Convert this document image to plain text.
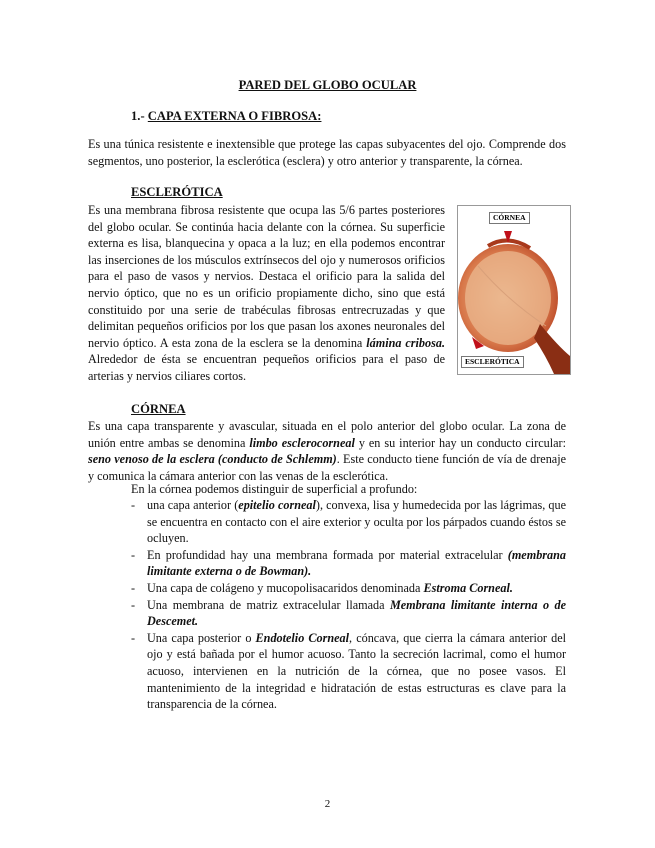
PARED DEL GLOBO OCULAR
1.- CAPA EXTERNA O FIBROSA:
Es una túnica resistente e inextensible que protege las capas subyacentes del ojo. Comprende dos segmentos, uno posterior, la esclerótica (esclera) y otro anterior y transparente, la córnea.
ESCLERÓTICA
Es una membrana fibrosa resistente que ocupa las 5/6 partes posteriores del globo ocular. Se continúa hacia delante con la córnea. Su superficie externa es lisa, blanquecina y opaca a la luz; en ella podemos encontrar las inserciones de los músculos extrínsecos del ojo y numerosos orificios para el paso de vasos y nervios. Destaca el orificio para la salida del nervio óptico, que no es un orificio propiamente dicho, sino que está constituido por una serie de trabéculas fibrosas entrecruzadas y que delimitan pequeños orificios por los que pasan los axones neuronales del nervio óptico. A esta zona de la esclera se la denomina lámina cribosa. Alrededor de ésta se encuentran pequeños orificios para el paso de arterias y nervios ciliares cortos.
CÓRNEA
ESCLERÓTICA
CÓRNEA
Es una capa transparente y avascular, situada en el polo anterior del globo ocular. La zona de unión entre ambas se denomina limbo esclerocorneal y en su interior hay un conducto circular: seno venoso de la esclera (conducto de Schlemm). Este conducto tiene función de vía de drenaje y comunica la cámara anterior con las venas de la esclerótica.
En la córnea podemos distinguir de superficial a profundo:
- una capa anterior (epitelio corneal), convexa, lisa y humedecida por las lágrimas, que se encuentra en contacto con el aire exterior y oculta por los párpados cuando éstos se ocluyen.
- En profundidad hay una membrana formada por material extracelular (membrana limitante externa o de Bowman).
- Una capa de colágeno y mucopolisacaridos denominada Estroma Corneal.
- Una membrana de matriz extracelular llamada Membrana limitante interna o de Descemet.
- Una capa posterior o Endotelio Corneal, cóncava, que cierra la cámara anterior del ojo y está bañada por el humor acuoso. Tanto la secreción lacrimal, como el humor acuoso, intervienen en la nutrición de la córnea, que no posee vasos. El mantenimiento de la integridad e hidratación de estas estructuras es clave para la transparencia de la córnea.
2
